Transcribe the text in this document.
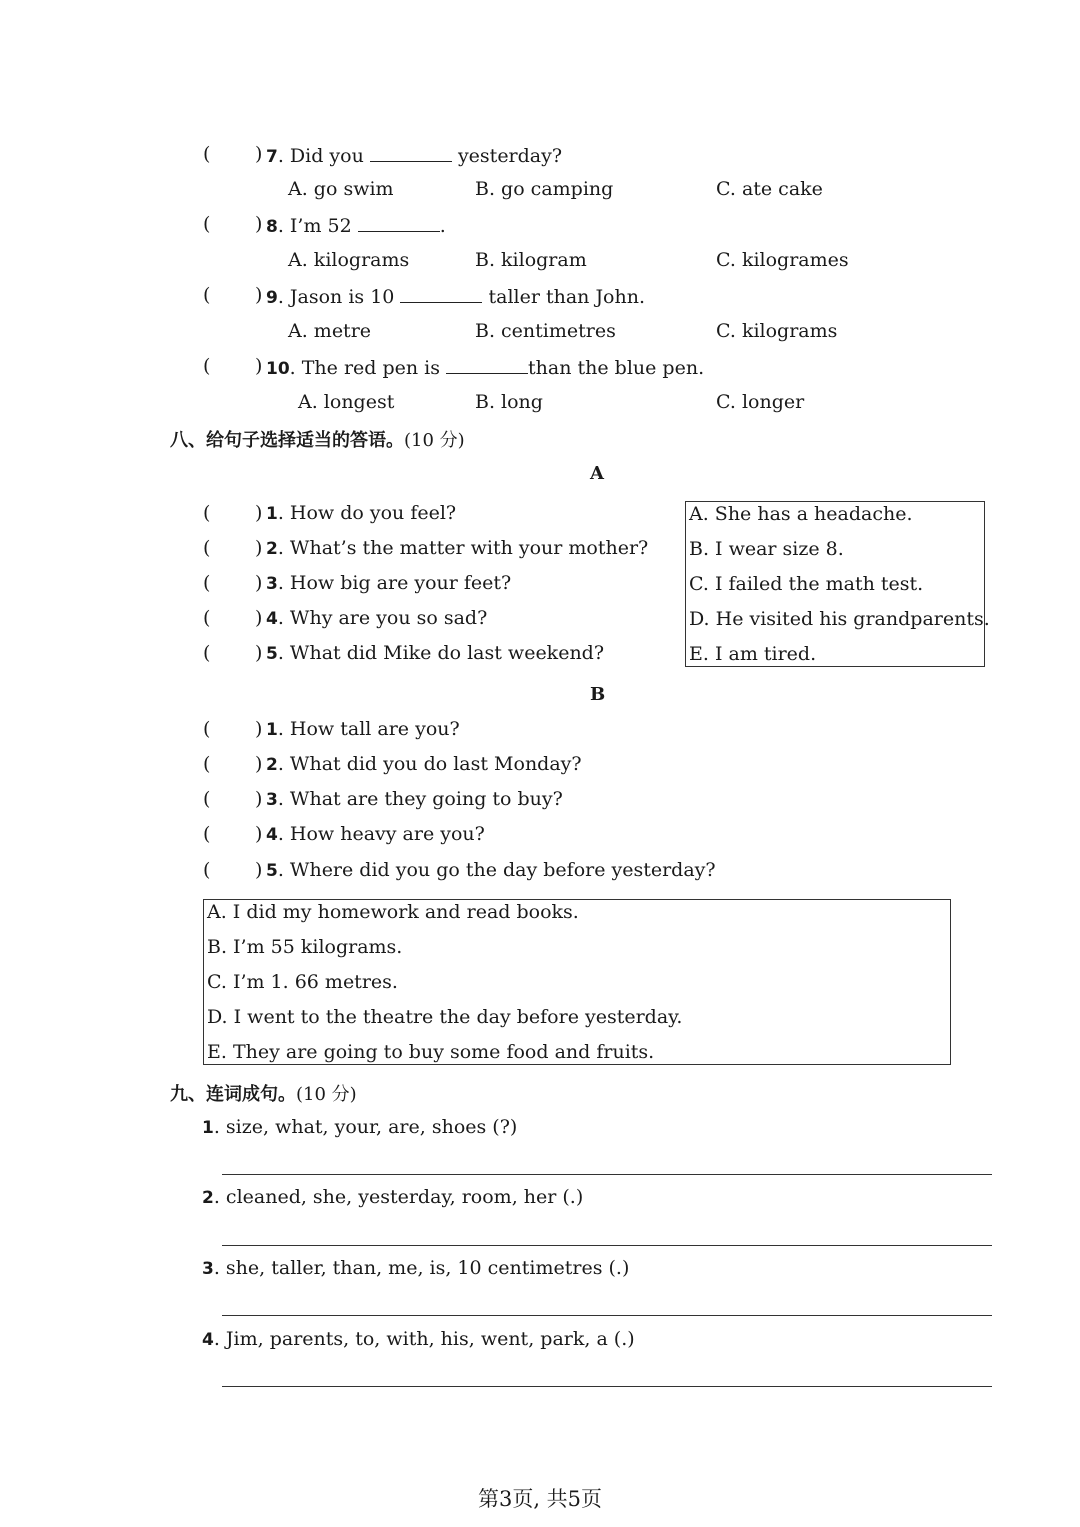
( ) 7. Did you	yesterday?
A. go swim	B. go camping	C. ate cake
( ) 8. I’m 52	.
A. kilograms	B. kilogram	C. kilogrames
( ) 9. Jason is 10	taller than John.
A. metre	B. centimetres	C. kilograms
( ) 10. The red pen is	than the blue pen.
A. longest	B. long	C. longer
八、给句子选择适当的答语。(10 分)
A
( ) 1. How do you feel?
( ) 2. What’s the matter with your mother?
( ) 3. How big are your feet?
( ) 4. Why are you so sad?
( ) 5. What did Mike do last weekend?
A. She has a headache.
B. I wear size 8.
C. I failed the math test.
D. He visited his grandparents.
E. I am tired.
B
( ) 1. How tall are you?
( ) 2. What did you do last Monday?
( ) 3. What are they going to buy?
( ) 4. How heavy are you?
( ) 5. Where did you go the day before yesterday?
A. I did my homework and read books.
B. I’m 55 kilograms.
C. I’m 1. 66 metres.
D. I went to the theatre the day before yesterday.
E. They are going to buy some food and fruits.
九、连词成句。(10 分)
1. size, what, your, are, shoes (?)
2. cleaned, she, yesterday, room, her (.)
3. she, taller, than, me, is, 10 centimetres (.)
4. Jim, parents, to, with, his, went, park, a (.)
第3页, 共5页
